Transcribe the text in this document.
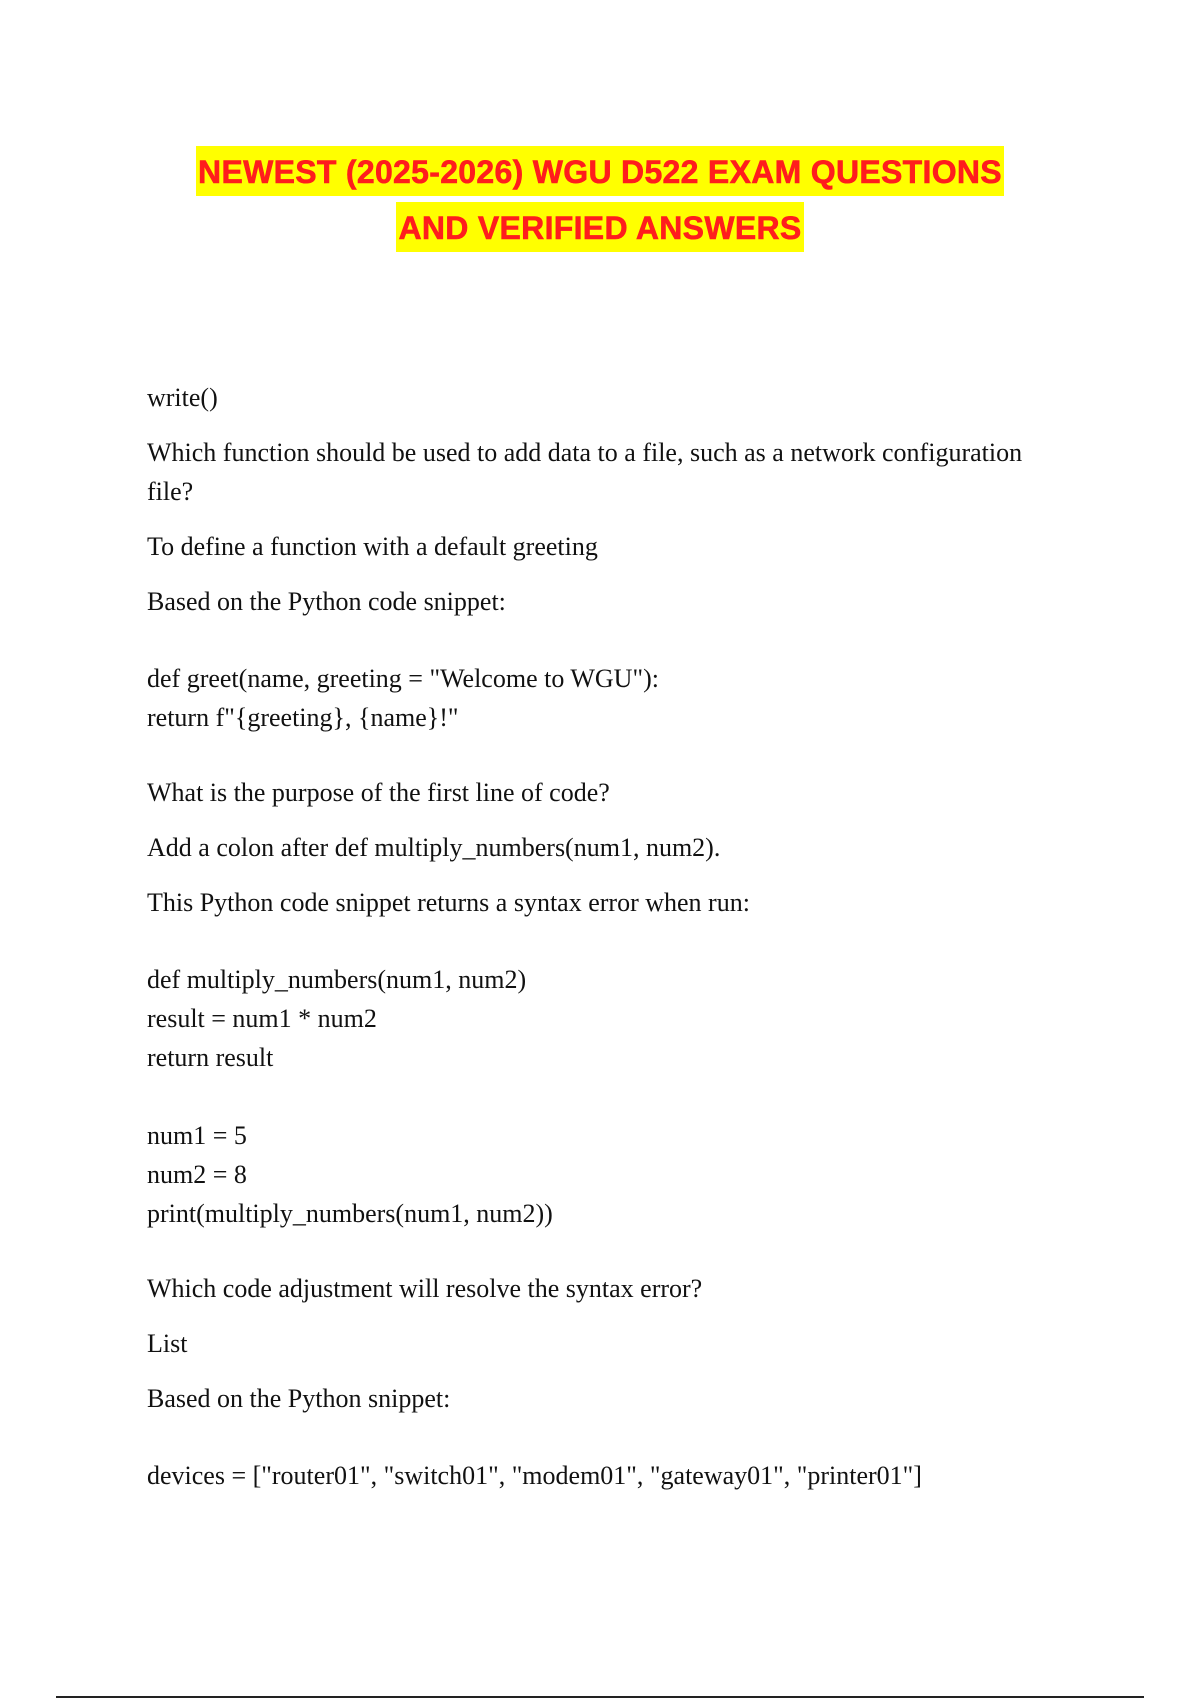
NEWEST (2025-2026) WGU D522 EXAM QUESTIONS
AND VERIFIED ANSWERS

write()

Which function should be used to add data to a file, such as a network configuration file?

To define a function with a default greeting

Based on the Python code snippet:

def greet(name, greeting = "Welcome to WGU"):

return f"{greeting}, {name}!"

What is the purpose of the first line of code?

Add a colon after def multiply_numbers(num1, num2).

This Python code snippet returns a syntax error when run:

def multiply_numbers(num1, num2)

result = num1 * num2

return result

num1 = 5

num2 = 8

print(multiply_numbers(num1, num2))

Which code adjustment will resolve the syntax error?

List

Based on the Python snippet:

devices = ["router01", "switch01", "modem01", "gateway01", "printer01"]
